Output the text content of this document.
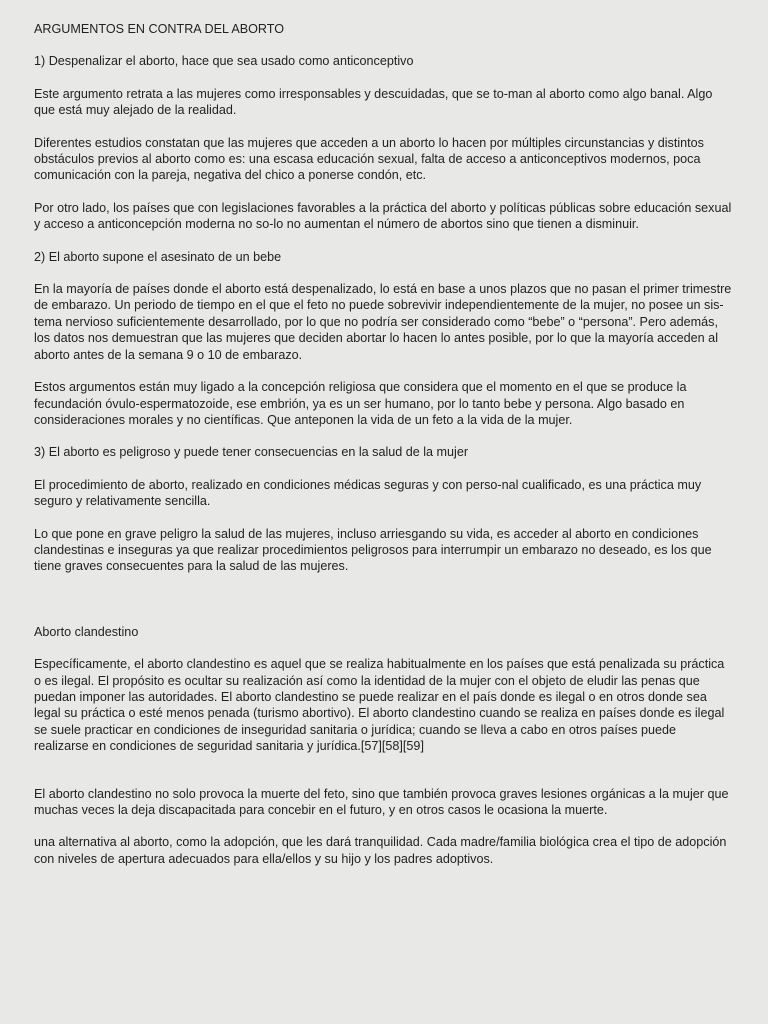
ARGUMENTOS EN CONTRA DEL ABORTO
1) Despenalizar el aborto, hace que sea usado como anticonceptivo

Este argumento retrata a las mujeres como irresponsables y descuidadas, que se to-man al aborto como algo banal. Algo que está muy alejado de la realidad.

Diferentes estudios constatan que las mujeres que acceden a un aborto lo hacen por múltiples circunstancias y distintos obstáculos previos al aborto como es: una escasa educación sexual, falta de acceso a anticonceptivos modernos, poca comunicación con la pareja, negativa del chico a ponerse condón, etc.

Por otro lado, los países que con legislaciones favorables a la práctica del aborto y políticas públicas sobre educación sexual y acceso a anticoncepción moderna no so-lo no aumentan el número de abortos sino que tienen a disminuir.

2) El aborto supone el asesinato de un bebe

En la mayoría de países donde el aborto está despenalizado, lo está en base a unos plazos que no pasan el primer trimestre de embarazo. Un periodo de tiempo en el que el feto no puede sobrevivir independientemente de la mujer, no posee un sis-tema nervioso suficientemente desarrollado, por lo que no podría ser considerado como “bebe” o “persona”. Pero además, los datos nos demuestran que las mujeres que deciden abortar lo hacen lo antes posible, por lo que la mayoría acceden al aborto antes de la semana 9 o 10 de embarazo.

Estos argumentos están muy ligado a la concepción religiosa que considera que el momento en el que se produce la fecundación óvulo-espermatozoide, ese embrión, ya es un ser humano, por lo tanto bebe y persona. Algo basado en consideraciones morales y no científicas. Que anteponen la vida de un feto a la vida de la mujer.

3) El aborto es peligroso y puede tener consecuencias en la salud de la mujer

El procedimiento de aborto, realizado en condiciones médicas seguras y con perso-nal cualificado, es una práctica muy seguro y relativamente sencilla.

Lo que pone en grave peligro la salud de las mujeres, incluso arriesgando su vida, es acceder al aborto en condiciones clandestinas e inseguras ya que realizar procedimientos peligrosos para interrumpir un embarazo no deseado, es los que tiene graves consecuentes para la salud de las mujeres.

Aborto clandestino

Específicamente, el aborto clandestino es aquel que se realiza habitualmente en los países que está penalizada su práctica o es ilegal. El propósito es ocultar su realización así como la identidad de la mujer con el objeto de eludir las penas que puedan imponer las autoridades. El aborto clandestino se puede realizar en el país donde es ilegal o en otros donde sea legal su práctica o esté menos penada (turismo abortivo). El aborto clandestino cuando se realiza en países donde es ilegal se suele practicar en condiciones de inseguridad sanitaria o jurídica; cuando se lleva a cabo en otros países puede realizarse en condiciones de seguridad sanitaria y jurídica.[57][58][59]

El aborto clandestino no solo provoca la muerte del feto, sino que también provoca graves lesiones orgánicas a la mujer que muchas veces la deja discapacitada para concebir en el futuro, y en otros casos le ocasiona la muerte.

una alternativa al aborto, como la adopción, que les dará tranquilidad. Cada madre/familia biológica crea el tipo de adopción con niveles de apertura adecuados para ella/ellos y su hijo y los padres adoptivos.
